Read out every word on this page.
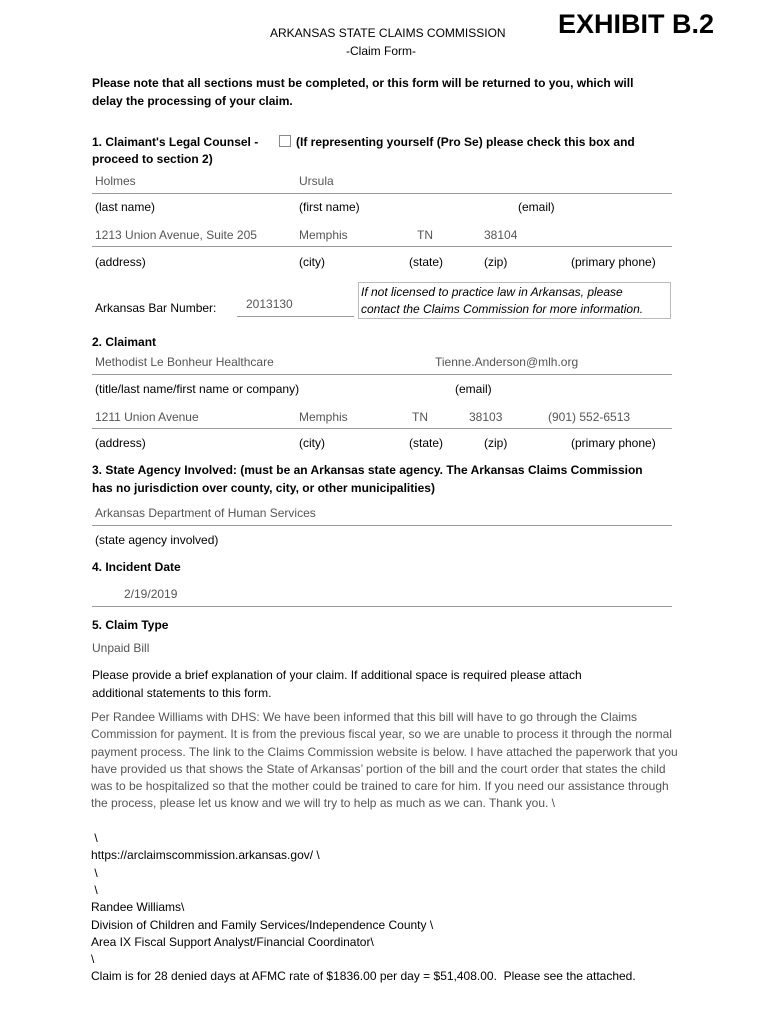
ARKANSAS STATE CLAIMS COMMISSION
-Claim Form-
EXHIBIT B.2
Please note that all sections must be completed, or this form will be returned to you, which will
delay the processing of your claim.
1. Claimant's Legal Counsel -	(If representing yourself (Pro Se) please check this box and
proceed to section 2)
Holmes	Ursula
(last name)	(first name)	(email)
1213 Union Avenue, Suite 205	Memphis	TN	38104
(address)	(city)	(state)	(zip)	(primary phone)
Arkansas Bar Number: 2013130
If not licensed to practice law in Arkansas, please
contact the Claims Commission for more information.
2. Claimant
Methodist Le Bonheur Healthcare	Tienne.Anderson@mlh.org
(title/last name/first name or company)	(email)
1211 Union Avenue	Memphis	TN	38103	(901) 552-6513
(address)	(city)	(state)	(zip)	(primary phone)
3. State Agency Involved: (must be an Arkansas state agency. The Arkansas Claims Commission
has no jurisdiction over county, city, or other municipalities)
Arkansas Department of Human Services
(state agency involved)
4. Incident Date
2/19/2019
5. Claim Type
Unpaid Bill
Please provide a brief explanation of your claim. If additional space is required please attach
additional statements to this form.
Per Randee Williams with DHS: We have been informed that this bill will have to go through the Claims Commission for payment. It is from the previous fiscal year, so we are unable to process it through the normal payment process. The link to the Claims Commission website is below. I have attached the paperwork that you have provided us that shows the State of Arkansas’ portion of the bill and the court order that states the child was to be hospitalized so that the mother could be trained to care for him. If you need our assistance through the process, please let us know and we will try to help as much as we can. Thank you. \
\
https://arclaimscommission.arkansas.gov/ \
\
\
Randee Williams\
Division of Children and Family Services/Independence County \
Area IX Fiscal Support Analyst/Financial Coordinator\
\
Claim is for 28 denied days at AFMC rate of $1836.00 per day = $51,408.00.  Please see the attached.
